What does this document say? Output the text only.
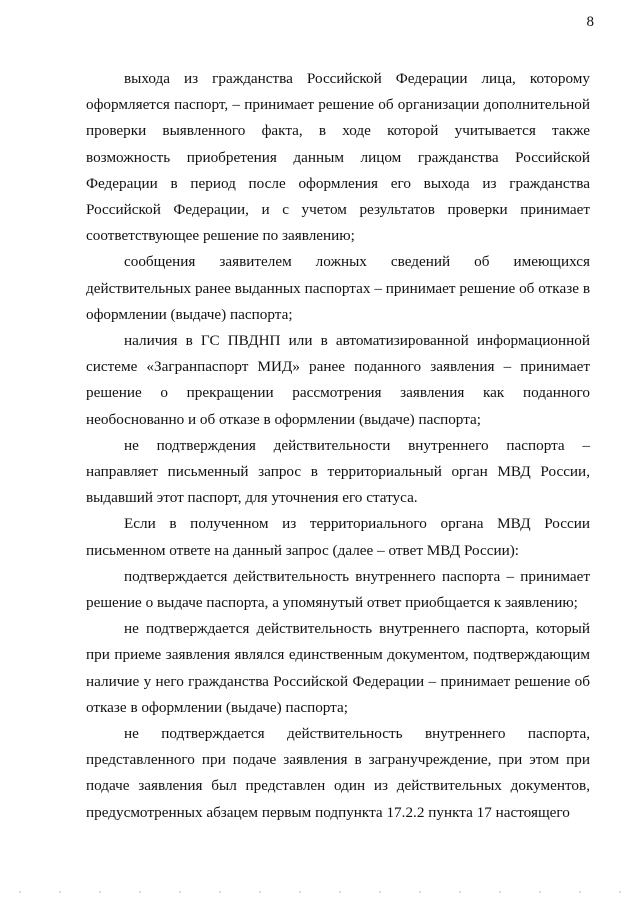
8

выхода из гражданства Российской Федерации лица, которому оформляется паспорт, – принимает решение об организации дополнительной проверки выявленного факта, в ходе которой учитывается также возможность приобретения данным лицом гражданства Российской Федерации в период после оформления его выхода из гражданства Российской Федерации, и с учетом результатов проверки принимает соответствующее решение по заявлению;

сообщения заявителем ложных сведений об имеющихся действительных ранее выданных паспортах – принимает решение об отказе в оформлении (выдаче) паспорта;

наличия в ГС ПВДНП или в автоматизированной информационной системе «Загранпаспорт МИД» ранее поданного заявления – принимает решение о прекращении рассмотрения заявления как поданного необоснованно и об отказе в оформлении (выдаче) паспорта;

не подтверждения действительности внутреннего паспорта – направляет письменный запрос в территориальный орган МВД России, выдавший этот паспорт, для уточнения его статуса.

Если в полученном из территориального органа МВД России письменном ответе на данный запрос (далее – ответ МВД России):

подтверждается действительность внутреннего паспорта – принимает решение о выдаче паспорта, а упомянутый ответ приобщается к заявлению;

не подтверждается действительность внутреннего паспорта, который при приеме заявления являлся единственным документом, подтверждающим наличие у него гражданства Российской Федерации – принимает решение об отказе в оформлении (выдаче) паспорта;

не подтверждается действительность внутреннего паспорта, представленного при подаче заявления в загранучреждение, при этом при подаче заявления был представлен один из действительных документов, предусмотренных абзацем первым подпункта 17.2.2 пункта 17 настоящего
